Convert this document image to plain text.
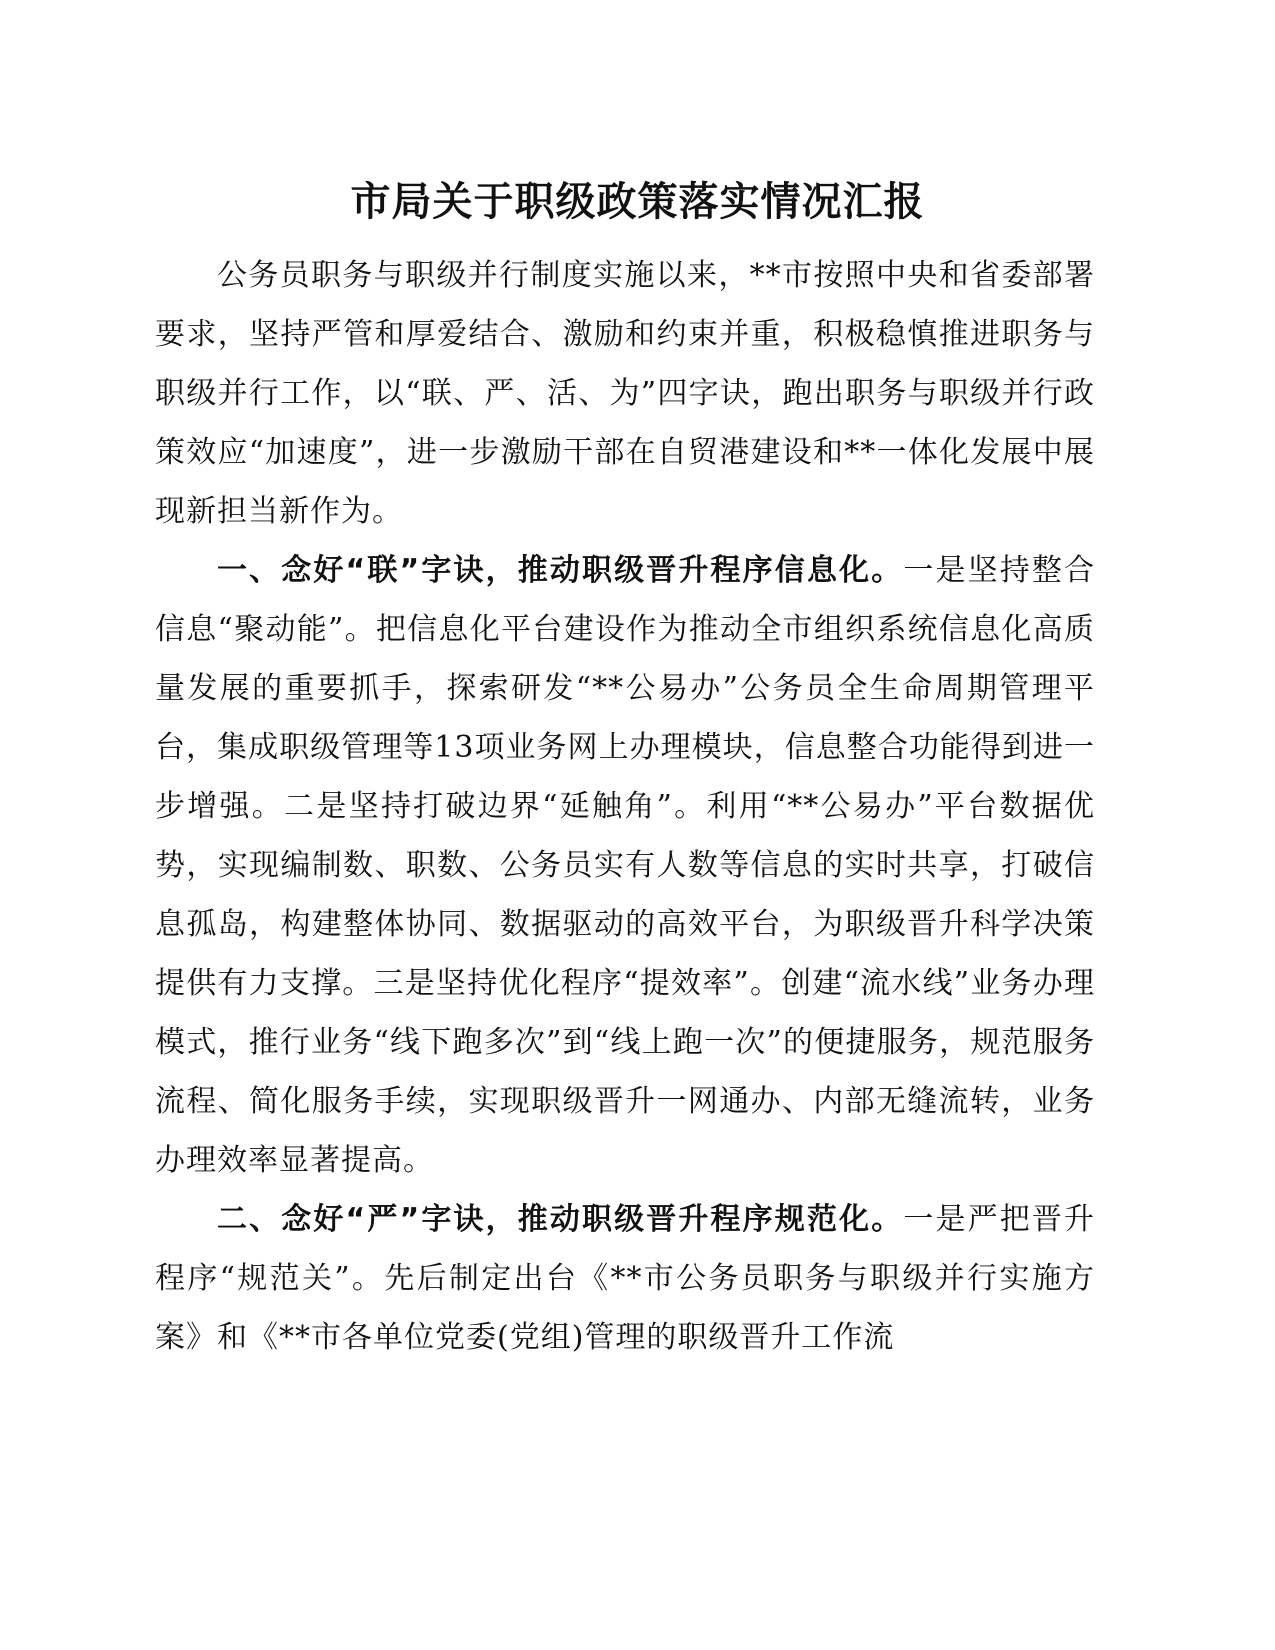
市局关于职级政策落实情况汇报

公务员职务与职级并行制度实施以来，**市按照中央和省委部署要求，坚持严管和厚爱结合、激励和约束并重，积极稳慎推进职务与职级并行工作，以“联、严、活、为”四字诀，跑出职务与职级并行政策效应“加速度”，进一步激励干部在自贸港建设和**一体化发展中展现新担当新作为。

一、念好“联”字诀，推动职级晋升程序信息化。一是坚持整合信息“聚动能”。把信息化平台建设作为推动全市组织系统信息化高质量发展的重要抓手，探索研发“**公易办”公务员全生命周期管理平台，集成职级管理等13项业务网上办理模块，信息整合功能得到进一步增强。二是坚持打破边界“延触角”。利用“**公易办”平台数据优势，实现编制数、职数、公务员实有人数等信息的实时共享，打破信息孤岛，构建整体协同、数据驱动的高效平台，为职级晋升科学决策提供有力支撑。三是坚持优化程序“提效率”。创建“流水线”业务办理模式，推行业务“线下跑多次”到“线上跑一次”的便捷服务，规范服务流程、简化服务手续，实现职级晋升一网通办、内部无缝流转，业务办理效率显著提高。

二、念好“严”字诀，推动职级晋升程序规范化。一是严把晋升程序“规范关”。先后制定出台《**市公务员职务与职级并行实施方案》和《**市各单位党委(党组)管理的职级晋升工作流
